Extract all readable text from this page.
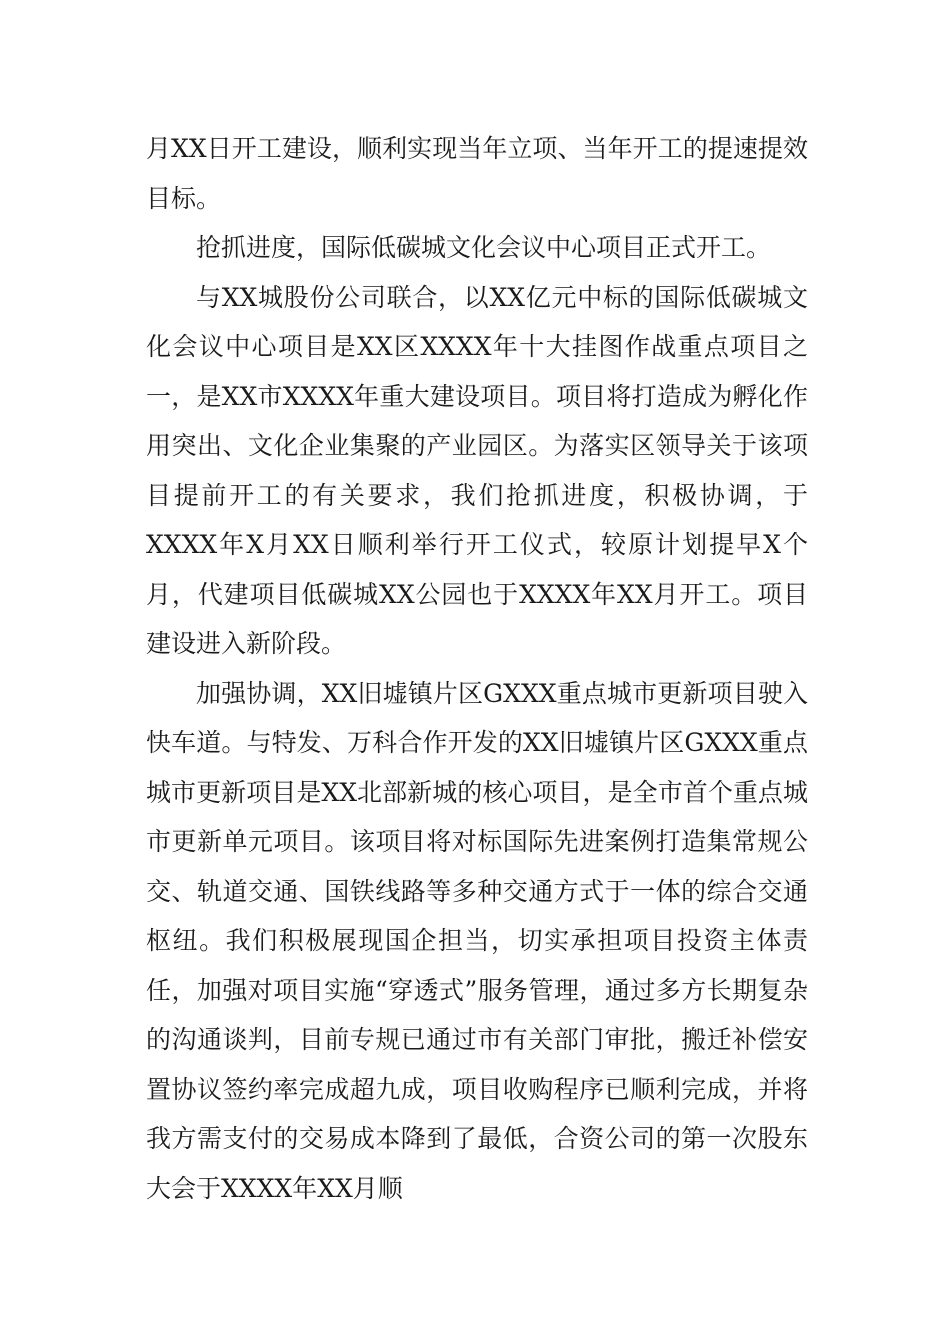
月XX日开工建设，顺利实现当年立项、当年开工的提速提效目标。

抢抓进度，国际低碳城文化会议中心项目正式开工。

与XX城股份公司联合，以XX亿元中标的国际低碳城文化会议中心项目是XX区XXXX年十大挂图作战重点项目之一，是XX市XXXX年重大建设项目。项目将打造成为孵化作用突出、文化企业集聚的产业园区。为落实区领导关于该项目提前开工的有关要求，我们抢抓进度，积极协调，于XXXX年X月XX日顺利举行开工仪式，较原计划提早X个月，代建项目低碳城XX公园也于XXXX年XX月开工。项目建设进入新阶段。

加强协调，XX旧墟镇片区GXXX重点城市更新项目驶入快车道。与特发、万科合作开发的XX旧墟镇片区GXXX重点城市更新项目是XX北部新城的核心项目，是全市首个重点城市更新单元项目。该项目将对标国际先进案例打造集常规公交、轨道交通、国铁线路等多种交通方式于一体的综合交通枢纽。我们积极展现国企担当，切实承担项目投资主体责任，加强对项目实施“穿透式”服务管理，通过多方长期复杂的沟通谈判，目前专规已通过市有关部门审批，搬迁补偿安置协议签约率完成超九成，项目收购程序已顺利完成，并将我方需支付的交易成本降到了最低，合资公司的第一次股东大会于XXXX年XX月顺
